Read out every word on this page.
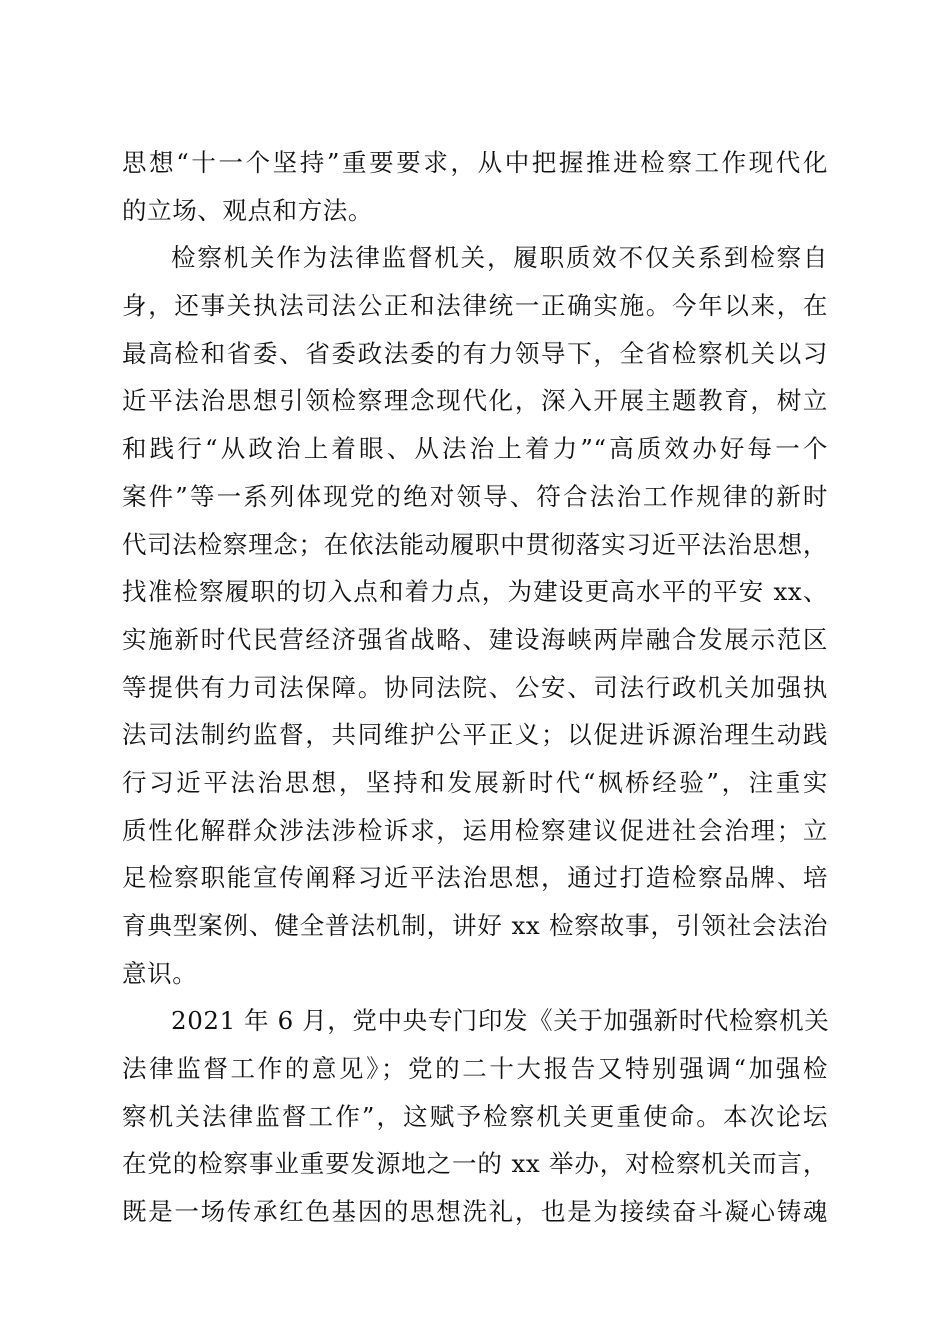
思想“十一个坚持”重要要求，从中把握推进检察工作现代化
的立场、观点和方法。
检察机关作为法律监督机关，履职质效不仅关系到检察自
身，还事关执法司法公正和法律统一正确实施。今年以来，在
最高检和省委、省委政法委的有力领导下，全省检察机关以习
近平法治思想引领检察理念现代化，深入开展主题教育，树立
和践行“从政治上着眼、从法治上着力”“高质效办好每一个
案件”等一系列体现党的绝对领导、符合法治工作规律的新时
代司法检察理念；在依法能动履职中贯彻落实习近平法治思想，
找准检察履职的切入点和着力点，为建设更高水平的平安 xx、
实施新时代民营经济强省战略、建设海峡两岸融合发展示范区
等提供有力司法保障。协同法院、公安、司法行政机关加强执
法司法制约监督，共同维护公平正义；以促进诉源治理生动践
行习近平法治思想，坚持和发展新时代“枫桥经验”，注重实
质性化解群众涉法涉检诉求，运用检察建议促进社会治理；立
足检察职能宣传阐释习近平法治思想，通过打造检察品牌、培
育典型案例、健全普法机制，讲好 xx 检察故事，引领社会法治
意识。
2021 年 6 月，党中央专门印发《关于加强新时代检察机关
法律监督工作的意见》；党的二十大报告又特别强调“加强检
察机关法律监督工作”，这赋予检察机关更重使命。本次论坛
在党的检察事业重要发源地之一的 xx 举办，对检察机关而言，
既是一场传承红色基因的思想洗礼，也是为接续奋斗凝心铸魂
